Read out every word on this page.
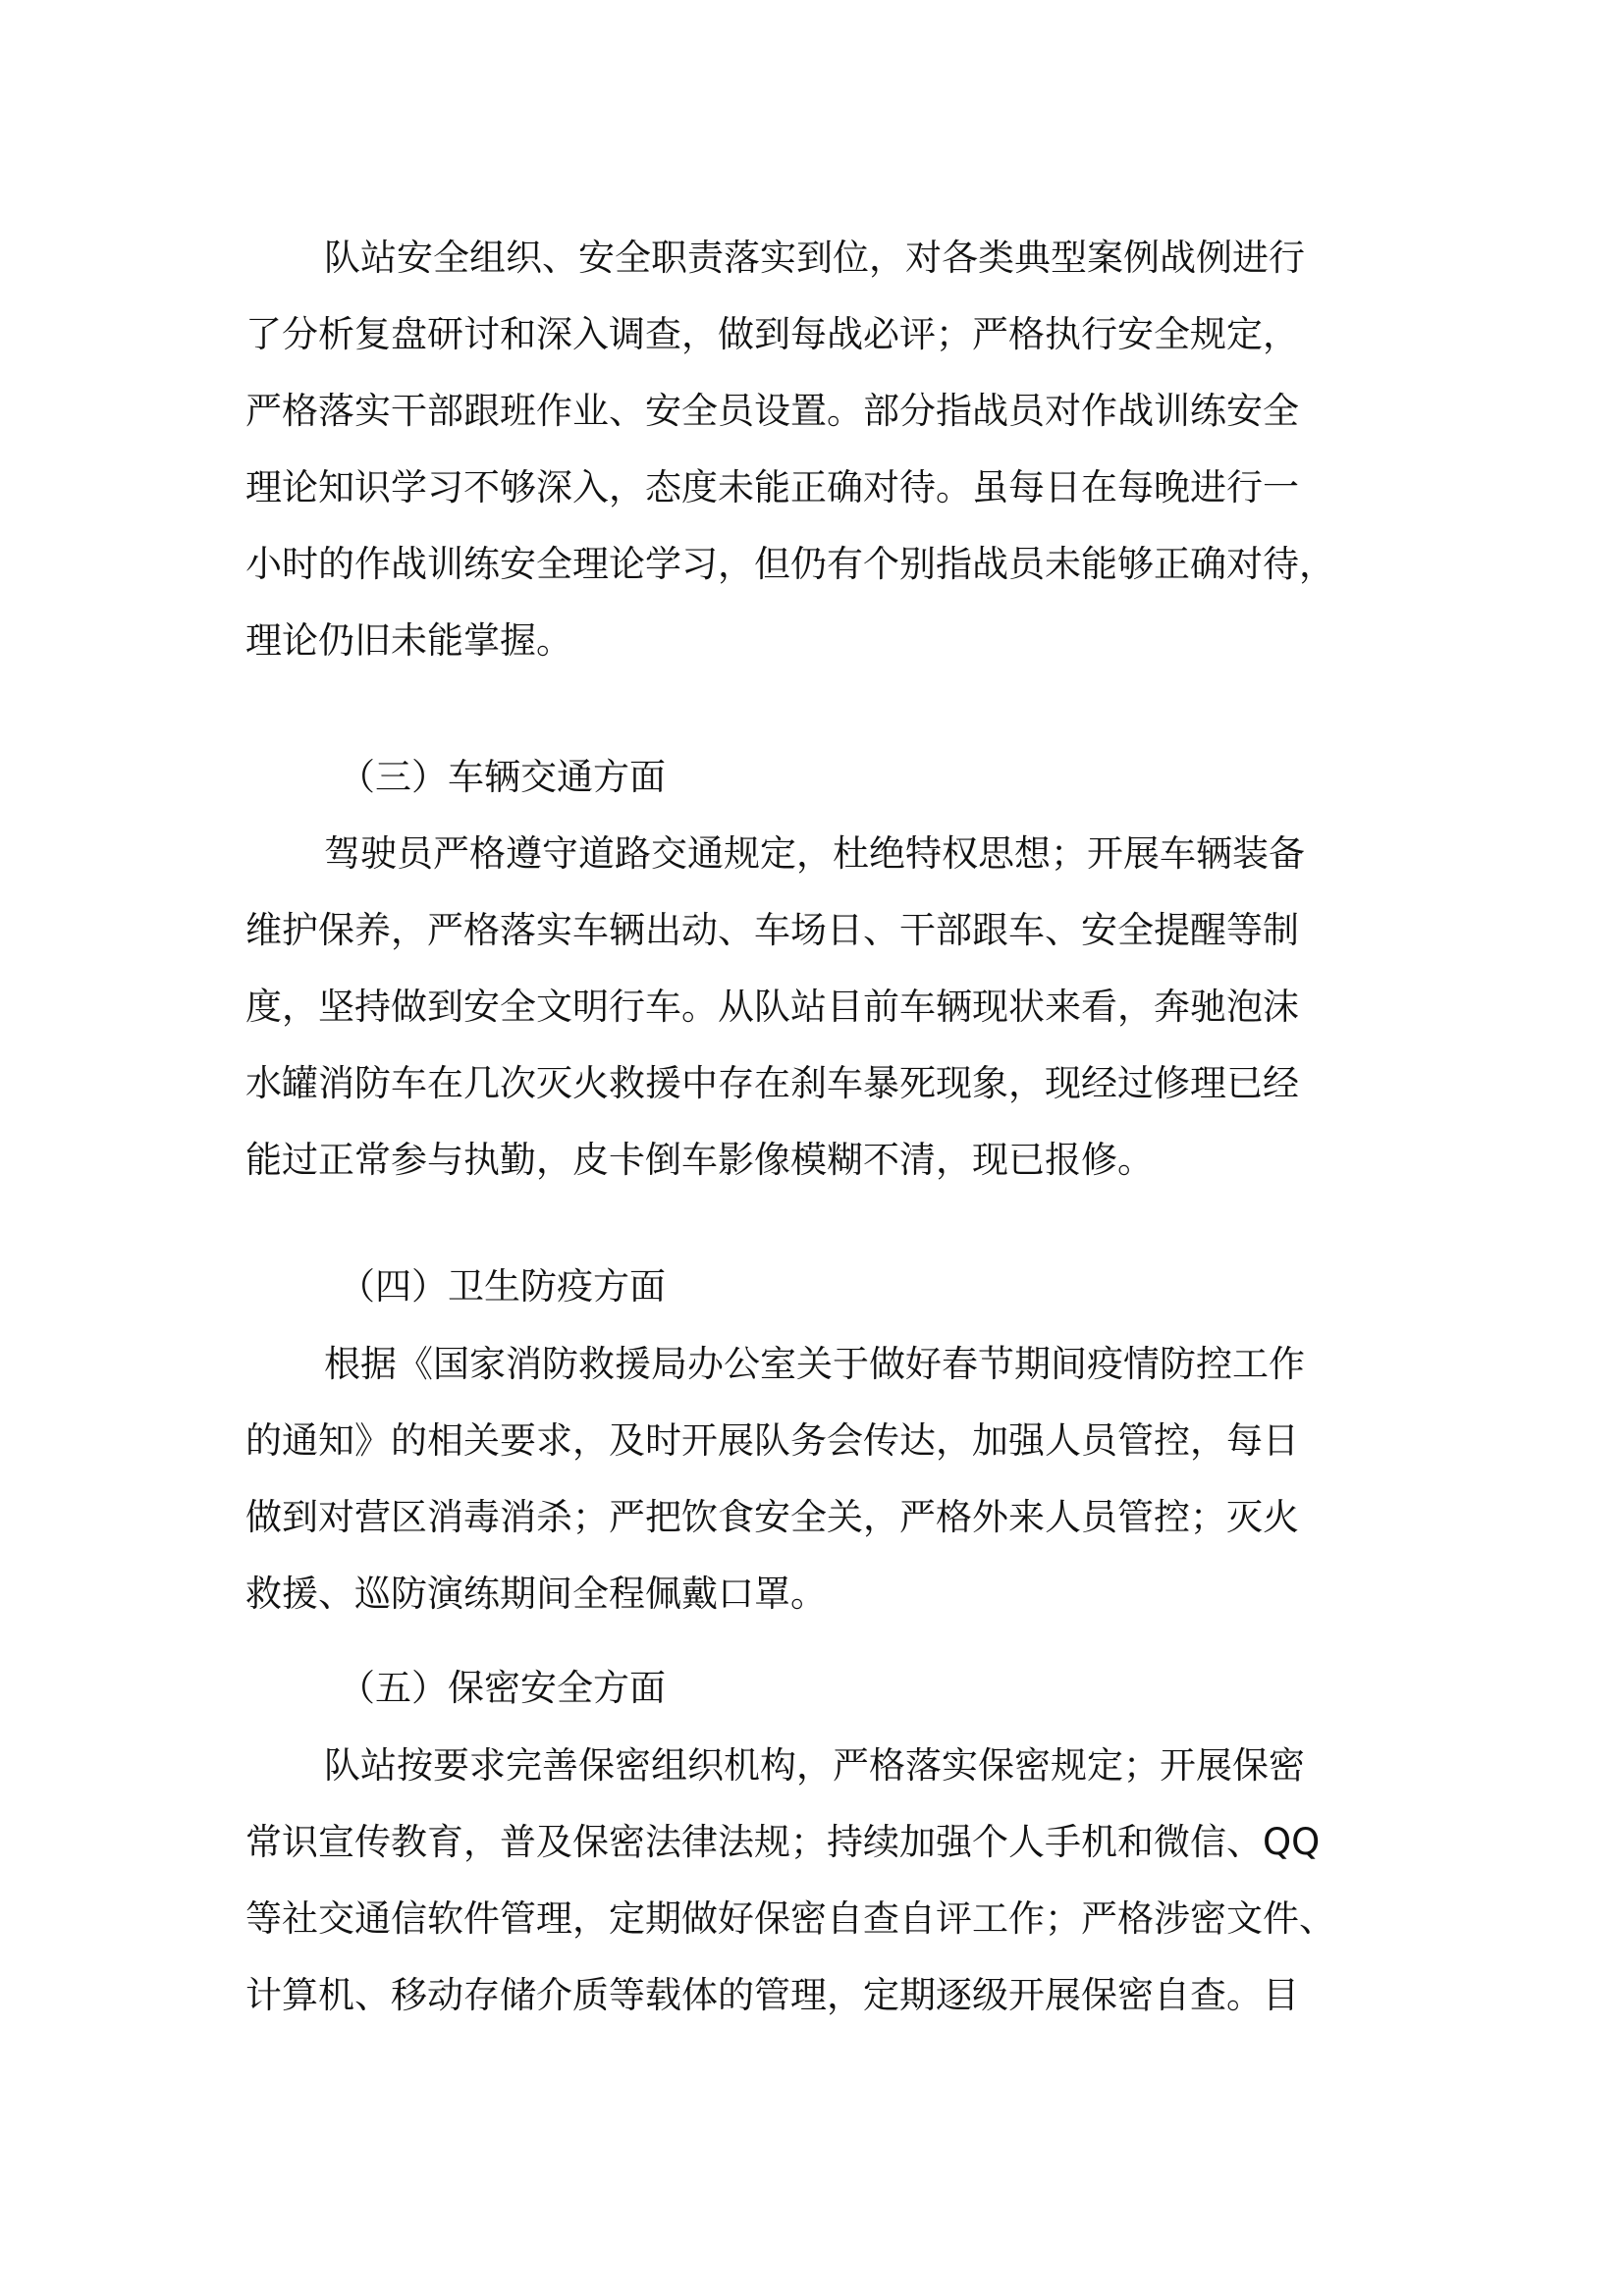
队站安全组织、安全职责落实到位，对各类典型案例战例进行
了分析复盘研讨和深入调查，做到每战必评；严格执行安全规定，
严格落实干部跟班作业、安全员设置。部分指战员对作战训练安全
理论知识学习不够深入，态度未能正确对待。虽每日在每晚进行一
小时的作战训练安全理论学习，但仍有个别指战员未能够正确对待，
理论仍旧未能掌握。
（三）车辆交通方面
驾驶员严格遵守道路交通规定，杜绝特权思想；开展车辆装备
维护保养，严格落实车辆出动、车场日、干部跟车、安全提醒等制
度，坚持做到安全文明行车。从队站目前车辆现状来看，奔驰泡沫
水罐消防车在几次灭火救援中存在刹车暴死现象，现经过修理已经
能过正常参与执勤，皮卡倒车影像模糊不清，现已报修。
（四）卫生防疫方面
根据《国家消防救援局办公室关于做好春节期间疫情防控工作
的通知》的相关要求，及时开展队务会传达，加强人员管控，每日
做到对营区消毒消杀；严把饮食安全关，严格外来人员管控；灭火
救援、巡防演练期间全程佩戴口罩。
（五）保密安全方面
队站按要求完善保密组织机构，严格落实保密规定；开展保密
常识宣传教育，普及保密法律法规；持续加强个人手机和微信、QQ
等社交通信软件管理，定期做好保密自查自评工作；严格涉密文件、
计算机、移动存储介质等载体的管理，定期逐级开展保密自查。目
